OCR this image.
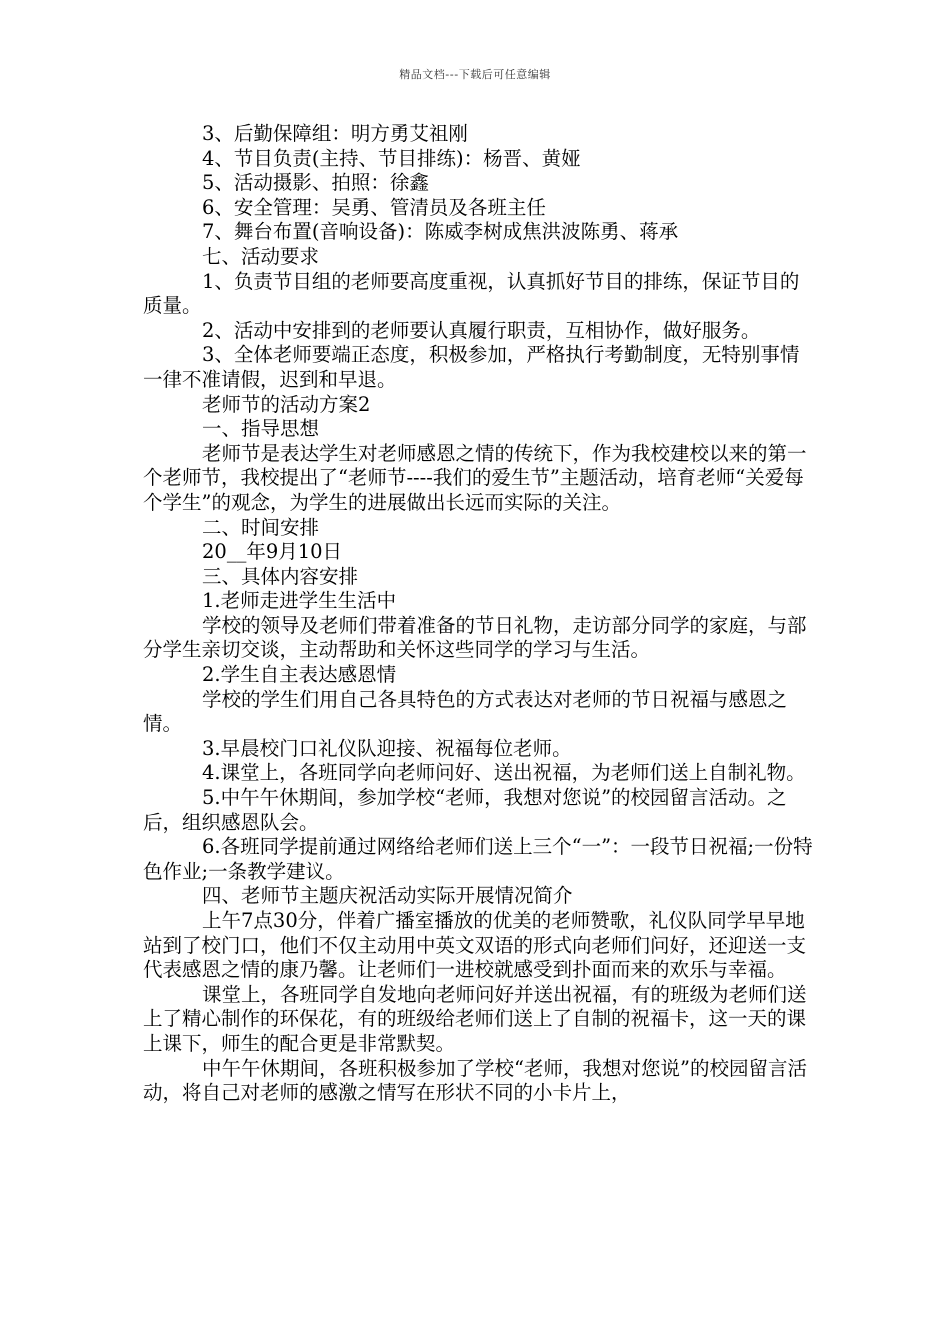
精品文档---下载后可任意编辑

3、后勤保障组：明方勇艾祖刚

4、节目负责(主持、节目排练)：杨晋、黄娅

5、活动摄影、拍照：徐鑫

6、安全管理：吴勇、管清员及各班主任

7、舞台布置(音响设备)：陈威李树成焦洪波陈勇、蒋承

七、活动要求

1、负责节目组的老师要高度重视，认真抓好节目的排练，保证节目的质量。

2、活动中安排到的老师要认真履行职责，互相协作，做好服务。

3、全体老师要端正态度，积极参加，严格执行考勤制度，无特别事情一律不准请假，迟到和早退。

老师节的活动方案2

一、指导思想

老师节是表达学生对老师感恩之情的传统下，作为我校建校以来的第一个老师节，我校提出了“老师节----我们的爱生节”主题活动，培育老师“关爱每个学生”的观念，为学生的进展做出长远而实际的关注。

二、时间安排

20__年9月10日

三、具体内容安排

1.老师走进学生生活中

学校的领导及老师们带着准备的节日礼物，走访部分同学的家庭，与部分学生亲切交谈，主动帮助和关怀这些同学的学习与生活。

2.学生自主表达感恩情

学校的学生们用自己各具特色的方式表达对老师的节日祝福与感恩之情。

3.早晨校门口礼仪队迎接、祝福每位老师。

4.课堂上，各班同学向老师问好、送出祝福，为老师们送上自制礼物。

5.中午午休期间，参加学校“老师，我想对您说”的校园留言活动。之后，组织感恩队会。

6.各班同学提前通过网络给老师们送上三个“一”：一段节日祝福;一份特色作业;一条教学建议。

四、老师节主题庆祝活动实际开展情况简介

上午7点30分，伴着广播室播放的优美的老师赞歌，礼仪队同学早早地站到了校门口，他们不仅主动用中英文双语的形式向老师们问好，还迎送一支代表感恩之情的康乃馨。让老师们一进校就感受到扑面而来的欢乐与幸福。

课堂上，各班同学自发地向老师问好并送出祝福，有的班级为老师们送上了精心制作的环保花，有的班级给老师们送上了自制的祝福卡，这一天的课上课下，师生的配合更是非常默契。

中午午休期间，各班积极参加了学校“老师，我想对您说”的校园留言活动，将自己对老师的感激之情写在形状不同的小卡片上，
